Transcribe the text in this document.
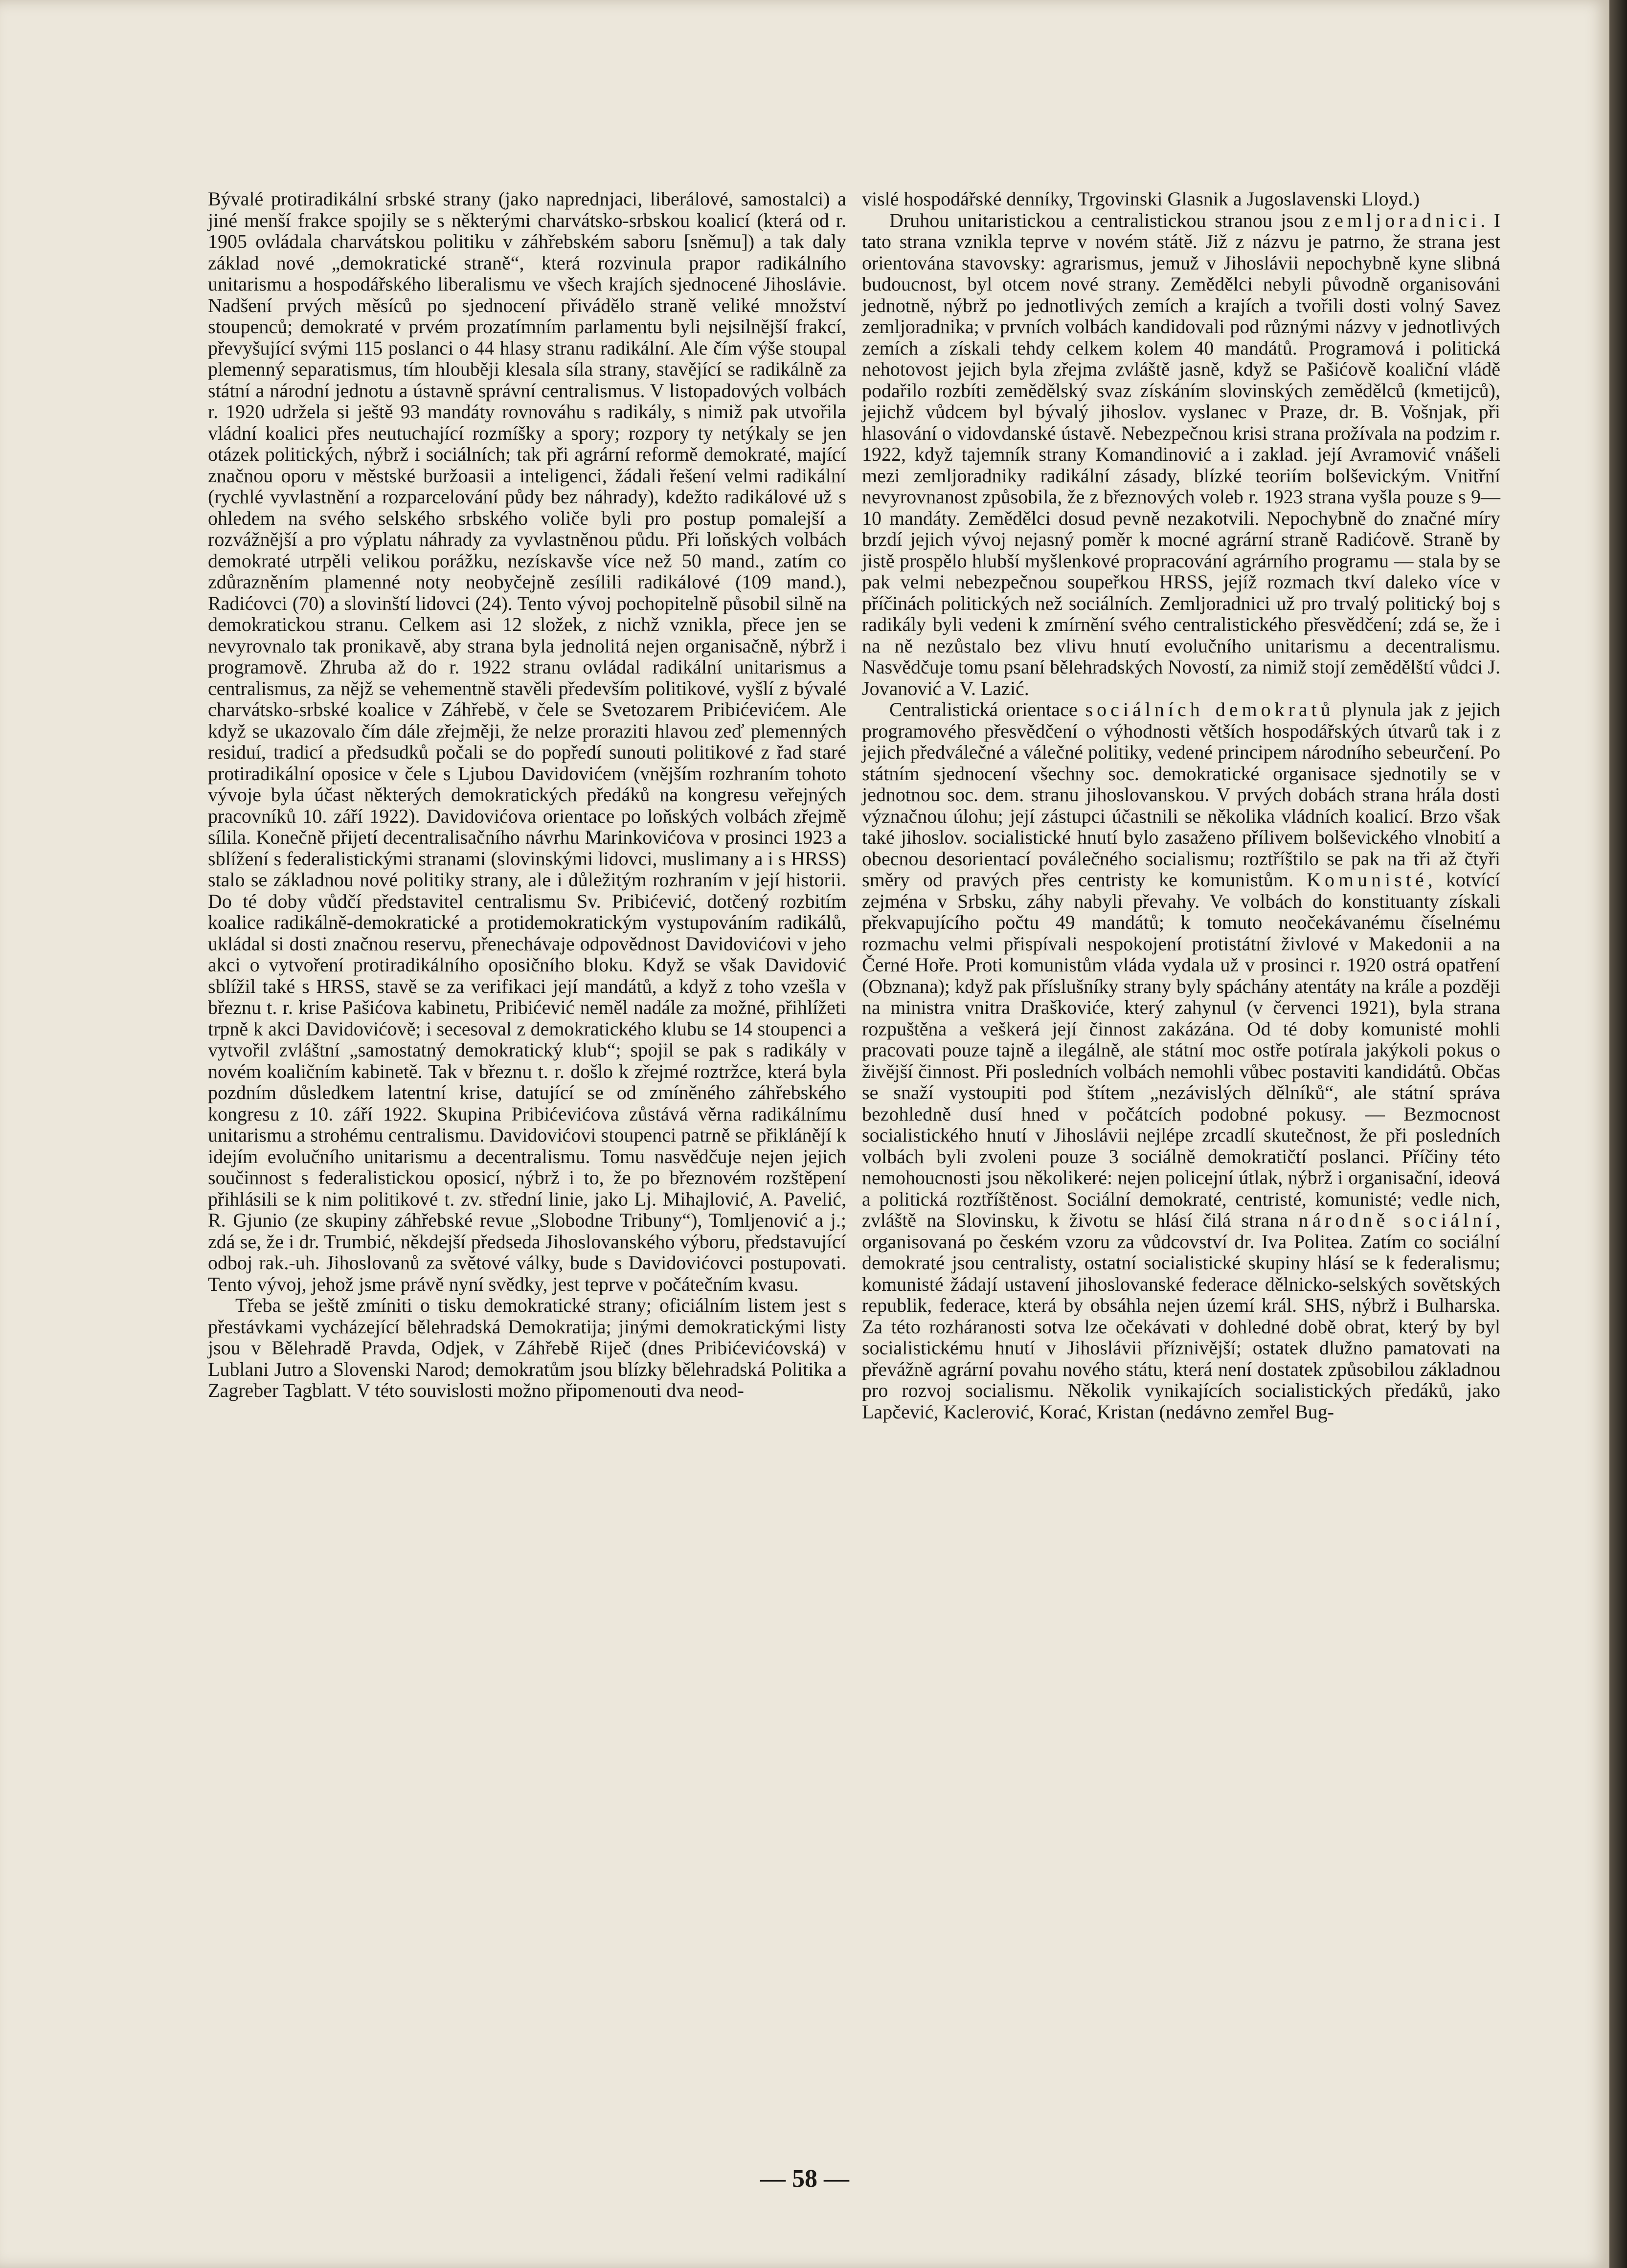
Bývalé protiradikální srbské strany (jako naprednjaci, liberálové, samostalci) a jiné menší frakce spojily se s některými charvátsko-srbskou koalicí (která od r. 1905 ovládala charvátskou politiku v záhřebském saboru [sněmu]) a tak daly základ nové „demokratické straně“, která rozvinula prapor radikálního unitarismu a hospodářského liberalismu ve všech krajích sjednocené Jihoslávie. Nadšení prvých měsíců po sjednocení přivádělo straně veliké množství stoupenců; demokraté v prvém prozatímním parlamentu byli nejsilnější frakcí, převyšující svými 115 poslanci o 44 hlasy stranu radikální. Ale čím výše stoupal plemenný separatismus, tím hlouběji klesala síla strany, stavějící se radikálně za státní a národní jednotu a ústavně správní centralismus. V listopadových volbách r. 1920 udržela si ještě 93 mandáty rovnováhu s radikály, s nimiž pak utvořila vládní koalici přes neutuchající rozmíšky a spory; rozpory ty netýkaly se jen otázek politických, nýbrž i sociálních; tak při agrární reformě demokraté, mající značnou oporu v městské buržoasii a inteligenci, žádali řešení velmi radikální (rychlé vyvlastnění a rozparcelování půdy bez náhrady), kdežto radikálové už s ohledem na svého selského srbského voliče byli pro postup pomalejší a rozvážnější a pro výplatu náhrady za vyvlastněnou půdu. Při loňských volbách demokraté utrpěli velikou porážku, nezískavše více než 50 mand., zatím co zdůrazněním plamenné noty neobyčejně zesílili radikálové (109 mand.), Radićovci (70) a slovinští lidovci (24). Tento vývoj pochopitelně působil silně na demokratickou stranu. Celkem asi 12 složek, z nichž vznikla, přece jen se nevyrovnalo tak pronikavě, aby strana byla jednolitá nejen organisačně, nýbrž i programově. Zhruba až do r. 1922 stranu ovládal radikální unitarismus a centralismus, za nějž se vehementně stavěli především politikové, vyšlí z bývalé charvátsko-srbské koalice v Záhřebě, v čele se Svetozarem Pribićevićem. Ale když se ukazovalo čím dále zřejměji, že nelze proraziti hlavou zeď plemenných residuí, tradicí a předsudků počali se do popředí sunouti politikové z řad staré protiradikální oposice v čele s Ljubou Davidovićem (vnějším rozhraním tohoto vývoje byla účast některých demokratických předáků na kongresu veřejných pracovníků 10. září 1922). Davidovićova orientace po loňských volbách zřejmě sílila. Konečně přijetí decentralisačního návrhu Marinkovićova v prosinci 1923 a sblížení s federalistickými stranami (slovinskými lidovci, muslimany a i s HRSS) stalo se základnou nové politiky strany, ale i důležitým rozhraním v její historii. Do té doby vůdčí představitel centralismu Sv. Pribićević, dotčený rozbitím koalice radikálně-demokratické a protidemokratickým vystupováním radikálů, ukládal si dosti značnou reservu, přenechávaje odpovědnost Davidovićovi v jeho akci o vytvoření protiradikálního oposičního bloku. Když se však Davidović sblížil také s HRSS, stavě se za verifikaci její mandátů, a když z toho vzešla v březnu t. r. krise Pašićova kabinetu, Pribićević neměl nadále za možné, přihlížeti trpně k akci Davidovićově; i secesoval z demokratického klubu se 14 stoupenci a vytvořil zvláštní „samostatný demokratický klub“; spojil se pak s radikály v novém koaličním kabinetě. Tak v březnu t. r. došlo k zřejmé roztržce, která byla pozdním důsledkem latentní krise, datující se od zmíněného záhřebského kongresu z 10. září 1922. Skupina Pribićevićova zůstává věrna radikálnímu unitarismu a strohému centralismu. Davidovićovi stoupenci patrně se přiklánějí k idejím evolučního unitarismu a decentralismu. Tomu nasvědčuje nejen jejich součinnost s federalistickou oposicí, nýbrž i to, že po březnovém rozštěpení přihlásili se k nim politikové t. zv. střední linie, jako Lj. Mihajlović, A. Pavelić, R. Gjunio (ze skupiny záhřebské revue „Slobodne Tribuny“), Tomljenović a j.; zdá se, že i dr. Trumbić, někdejší předseda Jihoslovanského výboru, představující odboj rak.-uh. Jihoslovanů za světové války, bude s Davidovićovci postupovati. Tento vývoj, jehož jsme právě nyní svědky, jest teprve v počátečním kvasu.

Třeba se ještě zmíniti o tisku demokratické strany; oficiálním listem jest s přestávkami vycházející bělehradská Demokratija; jinými demokratickými listy jsou v Bělehradě Pravda, Odjek, v Záhřebě Riječ (dnes Pribićevićovská) v Lublani Jutro a Slovenski Narod; demokratům jsou blízky bělehradská Politika a Zagreber Tagblatt. V této souvislosti možno připomenouti dva neod-

vislé hospodářské denníky, Trgovinski Glasnik a Jugoslavenski Lloyd.)

Druhou unitaristickou a centralistickou stranou jsou zemljoradnici. I tato strana vznikla teprve v novém státě. Již z názvu je patrno, že strana jest orientována stavovsky: agrarismus, jemuž v Jihoslávii nepochybně kyne slibná budoucnost, byl otcem nové strany. Zemědělci nebyli původně organisováni jednotně, nýbrž po jednotlivých zemích a krajích a tvořili dosti volný Savez zemljoradnika; v prvních volbách kandidovali pod různými názvy v jednotlivých zemích a získali tehdy celkem kolem 40 mandátů. Programová i politická nehotovost jejich byla zřejma zvláště jasně, když se Pašićově koaliční vládě podařilo rozbíti zemědělský svaz získáním slovinských zemědělců (kmetijců), jejichž vůdcem byl bývalý jihoslov. vyslanec v Praze, dr. B. Vošnjak, při hlasování o vidovdanské ústavě. Nebezpečnou krisi strana prožívala na podzim r. 1922, když tajemník strany Komandinović a i zaklad. její Avramović vnášeli mezi zemljoradniky radikální zásady, blízké teoriím bolševickým. Vnitřní nevyrovnanost způsobila, že z březnových voleb r. 1923 strana vyšla pouze s 9—10 mandáty. Zemědělci dosud pevně nezakotvili. Nepochybně do značné míry brzdí jejich vývoj nejasný poměr k mocné agrární straně Radićově. Straně by jistě prospělo hlubší myšlenkové propracování agrárního programu — stala by se pak velmi nebezpečnou soupeřkou HRSS, jejíž rozmach tkví daleko více v příčinách politických než sociálních. Zemljoradnici už pro trvalý politický boj s radikály byli vedeni k zmírnění svého centralistického přesvědčení; zdá se, že i na ně nezůstalo bez vlivu hnutí evolučního unitarismu a decentralismu. Nasvědčuje tomu psaní bělehradských Novostí, za nimiž stojí zemědělští vůdci J. Jovanović a V. Lazić.

Centralistická orientace sociálních demokratů plynula jak z jejich programového přesvědčení o výhodnosti větších hospodářských útvarů tak i z jejich předválečné a válečné politiky, vedené principem národního sebeurčení. Po státním sjednocení všechny soc. demokratické organisace sjednotily se v jednotnou soc. dem. stranu jihoslovanskou. V prvých dobách strana hrála dosti význačnou úlohu; její zástupci účastnili se několika vládních koalicí. Brzo však také jihoslov. socialistické hnutí bylo zasaženo přílivem bolševického vlnobití a obecnou desorientací poválečného socialismu; roztříštilo se pak na tři až čtyři směry od pravých přes centristy ke komunistům. Komunisté, kotvící zejména v Srbsku, záhy nabyli převahy. Ve volbách do konstituanty získali překvapujícího počtu 49 mandátů; k tomuto neočekávanému číselnému rozmachu velmi přispívali nespokojení protistátní živlové v Makedonii a na Černé Hoře. Proti komunistům vláda vydala už v prosinci r. 1920 ostrá opatření (Obznana); když pak příslušníky strany byly spáchány atentáty na krále a později na ministra vnitra Draškoviće, který zahynul (v červenci 1921), byla strana rozpuštěna a veškerá její činnost zakázána. Od té doby komunisté mohli pracovati pouze tajně a ilegálně, ale státní moc ostře potírala jakýkoli pokus o živější činnost. Při posledních volbách nemohli vůbec postaviti kandidátů. Občas se snaží vystoupiti pod štítem „nezávislých dělníků“, ale státní správa bezohledně dusí hned v počátcích podobné pokusy. — Bezmocnost socialistického hnutí v Jihoslávii nejlépe zrcadlí skutečnost, že při posledních volbách byli zvoleni pouze 3 sociálně demokratičtí poslanci. Příčiny této nemohoucnosti jsou několikeré: nejen policejní útlak, nýbrž i organisační, ideová a politická roztříštěnost. Sociální demokraté, centristé, komunisté; vedle nich, zvláště na Slovinsku, k životu se hlásí čilá strana národně sociální, organisovaná po českém vzoru za vůdcovství dr. Iva Politea. Zatím co sociální demokraté jsou centralisty, ostatní socialistické skupiny hlásí se k federalismu; komunisté žádají ustavení jihoslovanské federace dělnicko-selských sovětských republik, federace, která by obsáhla nejen území král. SHS, nýbrž i Bulharska. Za této rozháranosti sotva lze očekávati v dohledné době obrat, který by byl socialistickému hnutí v Jihoslávii příznivější; ostatek dlužno pamatovati na převážně agrární povahu nového státu, která není dostatek způsobilou základnou pro rozvoj socialismu. Několik vynikajících socialistických předáků, jako Lapčević, Kaclerović, Korać, Kristan (nedávno zemřel Bug-

— 58 —
